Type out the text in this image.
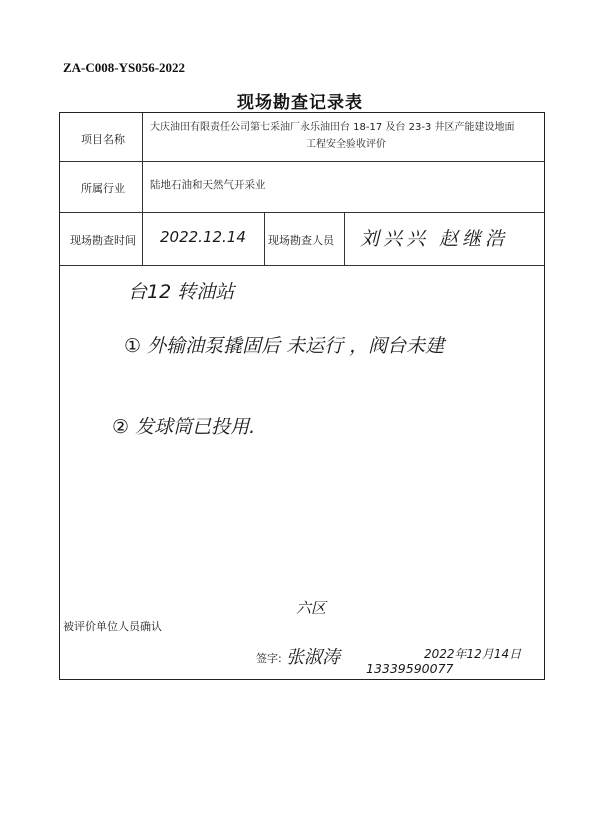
ZA-C008-YS056-2022
现场勘查记录表
项目名称
大庆油田有限责任公司第七采油厂永乐油田台 18-17 及台 23-3 井区产能建设地面
工程安全验收评价
所属行业 陆地石油和天然气开采业
现场勘查时间 2022.12.14 现场勘查人员 刘兴兴 赵继浩
台12 转油站
① 外输油泵撬固后 未运行 ，阀台未建
② 发球筒已投用.
六区
被评价单位人员确认
签字: 张淑涛
13339590077
2022年12月14日
